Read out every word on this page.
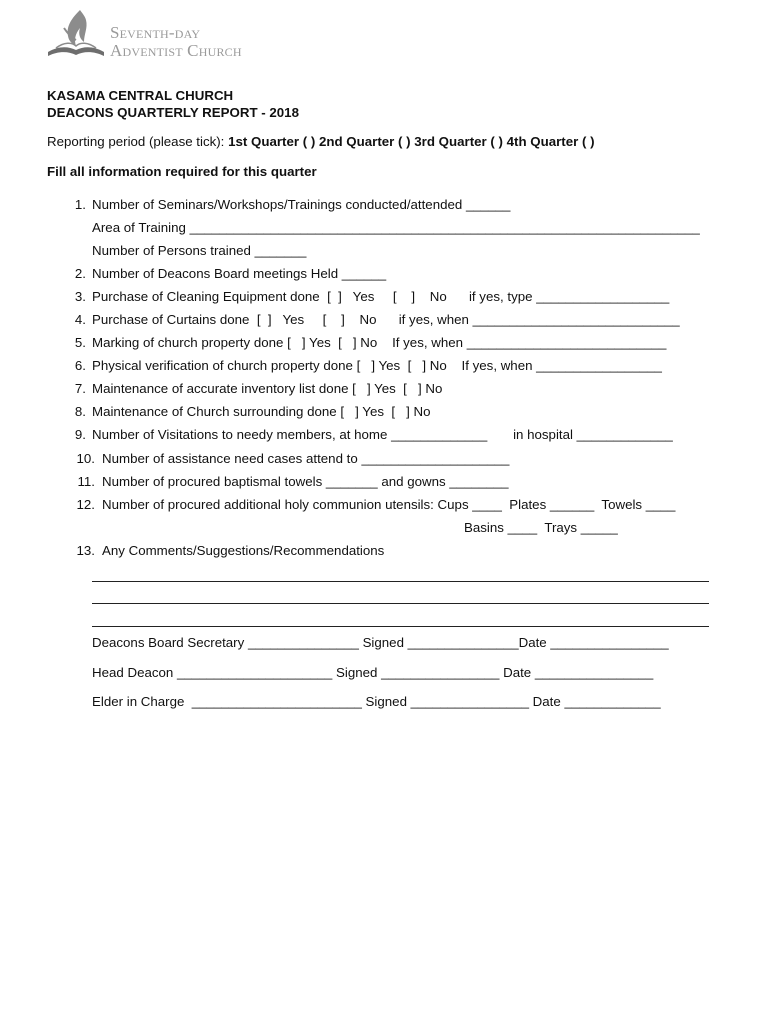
Seventh-day
Adventist Church
KASAMA CENTRAL CHURCH
DEACONS QUARTERLY REPORT - 2018
Reporting period (please tick): 1st Quarter ( ) 2nd Quarter ( ) 3rd Quarter ( ) 4th Quarter ( )
Fill all information required for this quarter
1. Number of Seminars/Workshops/Trainings conducted/attended ______
Area of Training _____________________________________________________________________
Number of Persons trained _______
2. Number of Deacons Board meetings Held ______
3. Purchase of Cleaning Equipment done  [  ]   Yes     [    ]    No      if yes, type __________________
4. Purchase of Curtains done  [  ]   Yes     [    ]    No      if yes, when ____________________________
5. Marking of church property done [   ] Yes  [   ] No    If yes, when ___________________________
6. Physical verification of church property done [   ] Yes  [   ] No    If yes, when _________________
7. Maintenance of accurate inventory list done [   ] Yes  [   ] No
8. Maintenance of Church surrounding done [   ] Yes  [   ] No
9. Number of Visitations to needy members, at home _____________       in hospital _____________
10. Number of assistance need cases attend to ____________________
11. Number of procured baptismal towels _______ and gowns ________
12. Number of procured additional holy communion utensils: Cups ____  Plates ______  Towels ____
Basins ____  Trays _____
13. Any Comments/Suggestions/Recommendations
Deacons Board Secretary _______________ Signed _______________Date ________________
Head Deacon _____________________ Signed ________________ Date ________________
Elder in Charge  _______________________ Signed ________________ Date _____________
